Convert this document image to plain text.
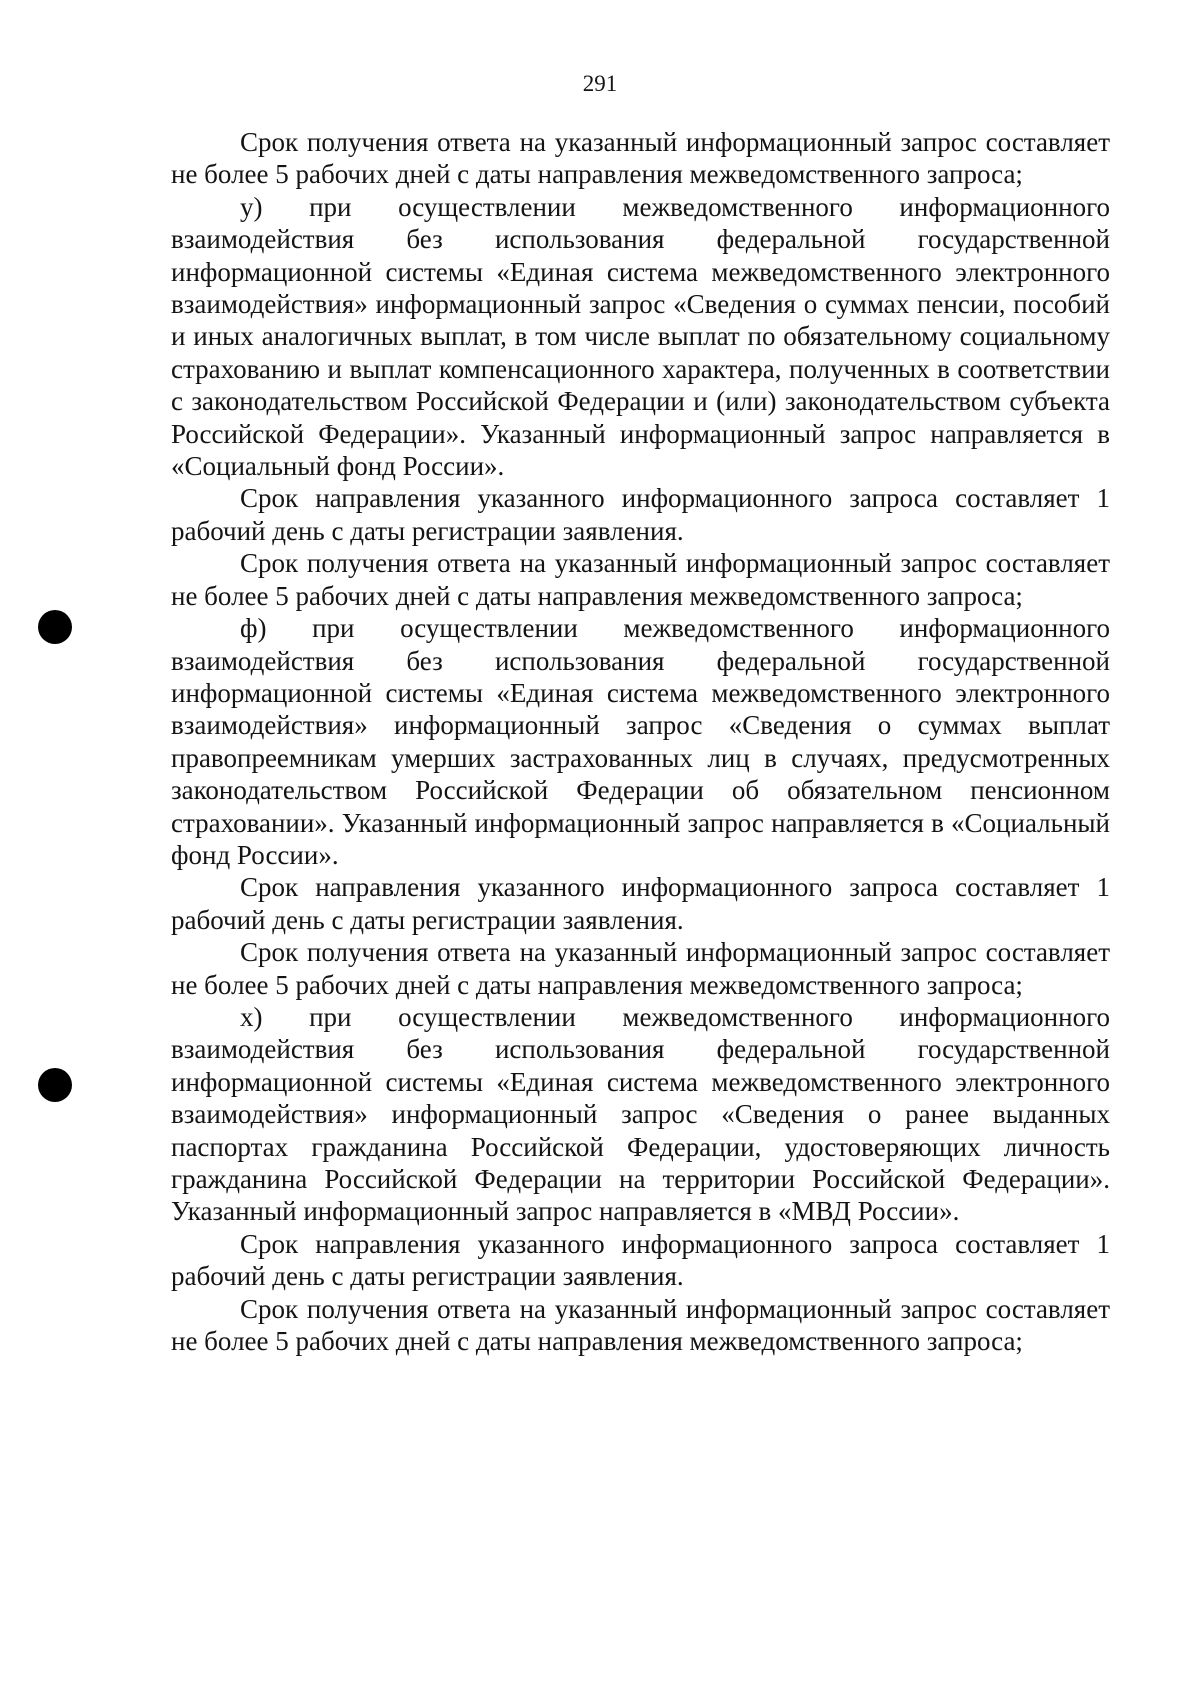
291

Срок получения ответа на указанный информационный запрос составляет не более 5 рабочих дней с даты направления межведомственного запроса;

у) при осуществлении межведомственного информационного взаимодействия без использования федеральной государственной информационной системы «Единая система межведомственного электронного взаимодействия» информационный запрос «Сведения о суммах пенсии, пособий и иных аналогичных выплат, в том числе выплат по обязательному социальному страхованию и выплат компенсационного характера, полученных в соответствии с законодательством Российской Федерации и (или) законодательством субъекта Российской Федерации». Указанный информационный запрос направляется в «Социальный фонд России».

Срок направления указанного информационного запроса составляет 1 рабочий день с даты регистрации заявления.

Срок получения ответа на указанный информационный запрос составляет не более 5 рабочих дней с даты направления межведомственного запроса;

ф) при осуществлении межведомственного информационного взаимодействия без использования федеральной государственной информационной системы «Единая система межведомственного электронного взаимодействия» информационный запрос «Сведения о суммах выплат правопреемникам умерших застрахованных лиц в случаях, предусмотренных законодательством Российской Федерации об обязательном пенсионном страховании». Указанный информационный запрос направляется в «Социальный фонд России».

Срок направления указанного информационного запроса составляет 1 рабочий день с даты регистрации заявления.

Срок получения ответа на указанный информационный запрос составляет не более 5 рабочих дней с даты направления межведомственного запроса;

х) при осуществлении межведомственного информационного взаимодействия без использования федеральной государственной информационной системы «Единая система межведомственного электронного взаимодействия» информационный запрос «Сведения о ранее выданных паспортах гражданина Российской Федерации, удостоверяющих личность гражданина Российской Федерации на территории Российской Федерации». Указанный информационный запрос направляется в «МВД России».

Срок направления указанного информационного запроса составляет 1 рабочий день с даты регистрации заявления.

Срок получения ответа на указанный информационный запрос составляет не более 5 рабочих дней с даты направления межведомственного запроса;
